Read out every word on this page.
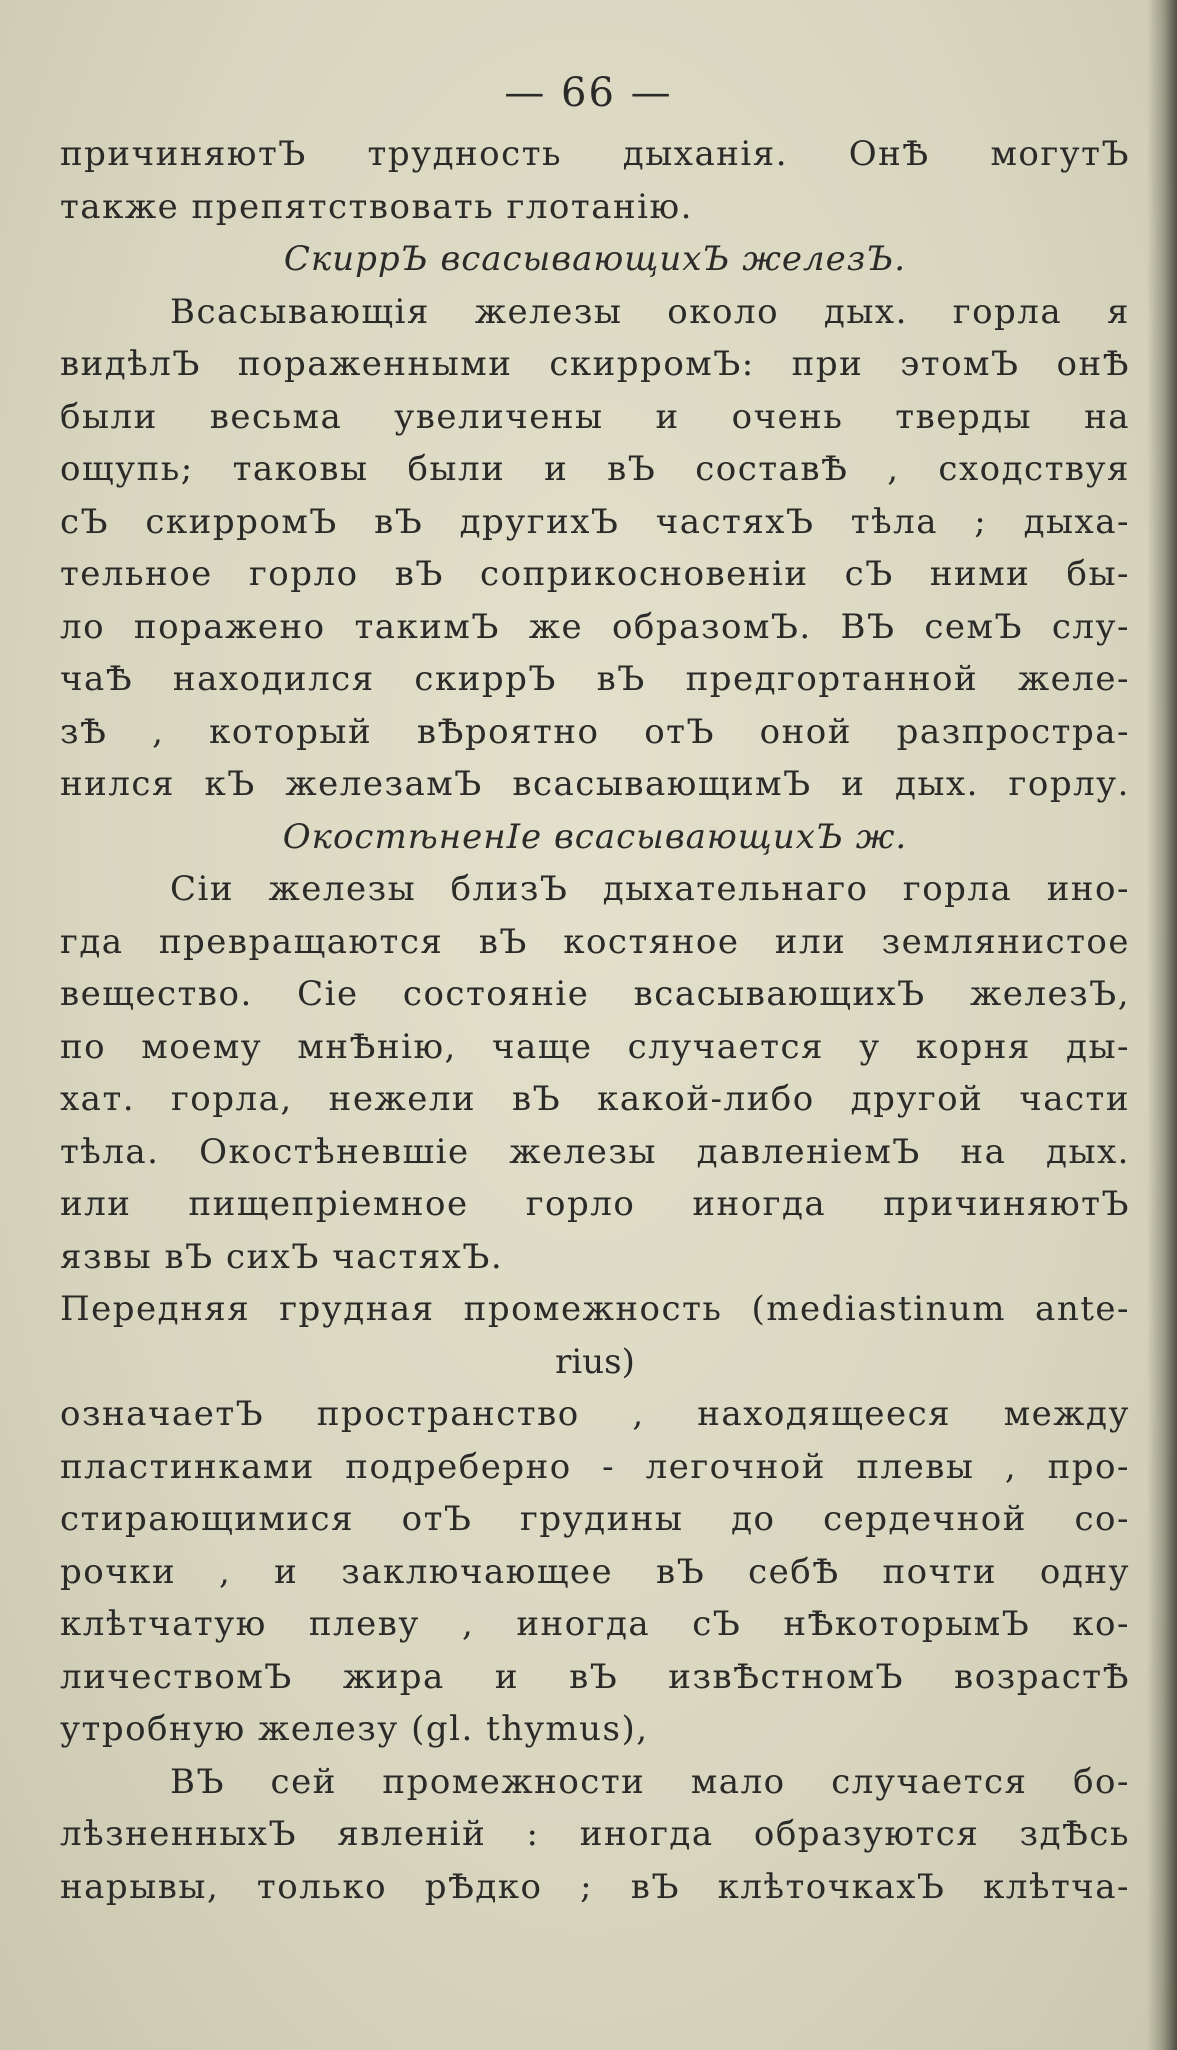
— 66 —
причиняютЪ трудность дыханія. ОнѢ могутЪ
также препятствовать глотанію.
СкиррЪ всасывающихЪ железЪ.
Всасывающія железы около дых. горла я
видѣлЪ пораженными скирромЪ: при этомЪ онѢ
были весьма увеличены и очень тверды на
ощупь; таковы были и вЪ составѢ , сходствуя
сЪ скирромЪ вЪ другихЪ частяхЪ тѣла ; дыха-
тельное горло вЪ соприкосновеніи сЪ ними бы-
ло поражено такимЪ же образомЪ. ВЪ семЪ слу-
чаѢ находился скиррЪ вЪ предгортанной желе-
зѢ , который вѢроятно отЪ оной разпростра-
нился кЪ железамЪ всасывающимЪ и дых. горлу.
ОкостѣненІе всасывающихЪ ж.
Сіи железы близЪ дыхательнаго горла ино-
гда превращаются вЪ костяное или землянистое
вещество. Сіе состояніе всасывающихЪ железЪ,
по моему мнѢнію, чаще случается у корня ды-
хат. горла, нежели вЪ какой-либо другой части
тѣла. Окостѣневшіе железы давленіемЪ на дых.
или пищепріемное горло иногда причиняютЪ
язвы вЪ сихЪ частяхЪ.
Передняя грудная промежность (mediastinum ante-
rius)
означаетЪ пространство , находящееся между
пластинками подреберно - легочной плевы , про-
стирающимися отЪ грудины до сердечной со-
рочки , и заключающее вЪ себѢ почти одну
клѣтчатую плеву , иногда сЪ нѢкоторымЪ ко-
личествомЪ жира и вЪ извѢстномЪ возрастѢ
утробную железу (gl. thymus),
ВЪ сей промежности мало случается бо-
лѣзненныхЪ явленій : иногда образуются здѢсь
нарывы, только рѢдко ; вЪ клѣточкахЪ клѣтча-
